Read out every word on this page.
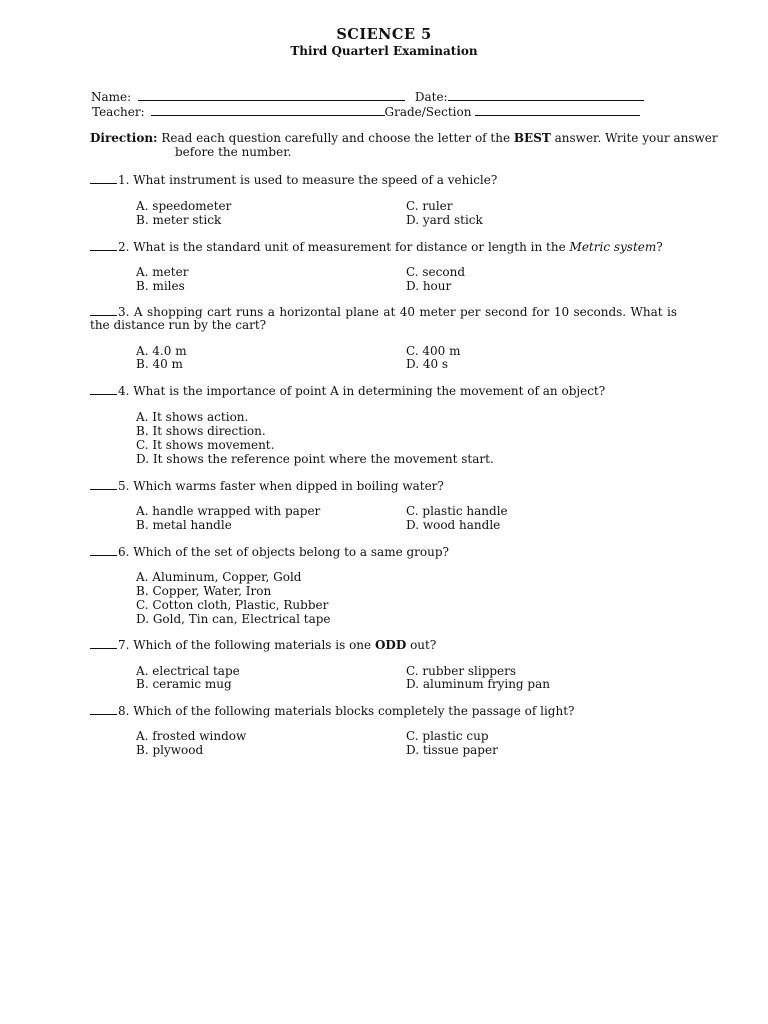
SCIENCE 5
Third Quarterl Examination
Name:	Date:
Teacher:	Grade/Section
Direction: Read each question carefully and choose the letter of the BEST answer. Write your answer
before the number.
1. What instrument is used to measure the speed of a vehicle?
A. speedometer
B. meter stick
C. ruler
D. yard stick
2. What is the standard unit of measurement for distance or length in the Metric system?
A. meter
B. miles
C. second
D. hour
3. A shopping cart runs a horizontal plane at 40 meter per second for 10 seconds. What is
the distance run by the cart?
A. 4.0 m
B. 40 m
C. 400 m
D. 40 s
4. What is the importance of point A in determining the movement of an object?
A. It shows action.
B. It shows direction.
C. It shows movement.
D. It shows the reference point where the movement start.
5. Which warms faster when dipped in boiling water?
A. handle wrapped with paper
B. metal handle
C. plastic handle
D. wood handle
6. Which of the set of objects belong to a same group?
A. Aluminum, Copper, Gold
B. Copper, Water, Iron
C. Cotton cloth, Plastic, Rubber
D. Gold, Tin can, Electrical tape
7. Which of the following materials is one ODD out?
A. electrical tape
B. ceramic mug
C. rubber slippers
D. aluminum frying pan
8. Which of the following materials blocks completely the passage of light?
A. frosted window
B. plywood
C. plastic cup
D. tissue paper
